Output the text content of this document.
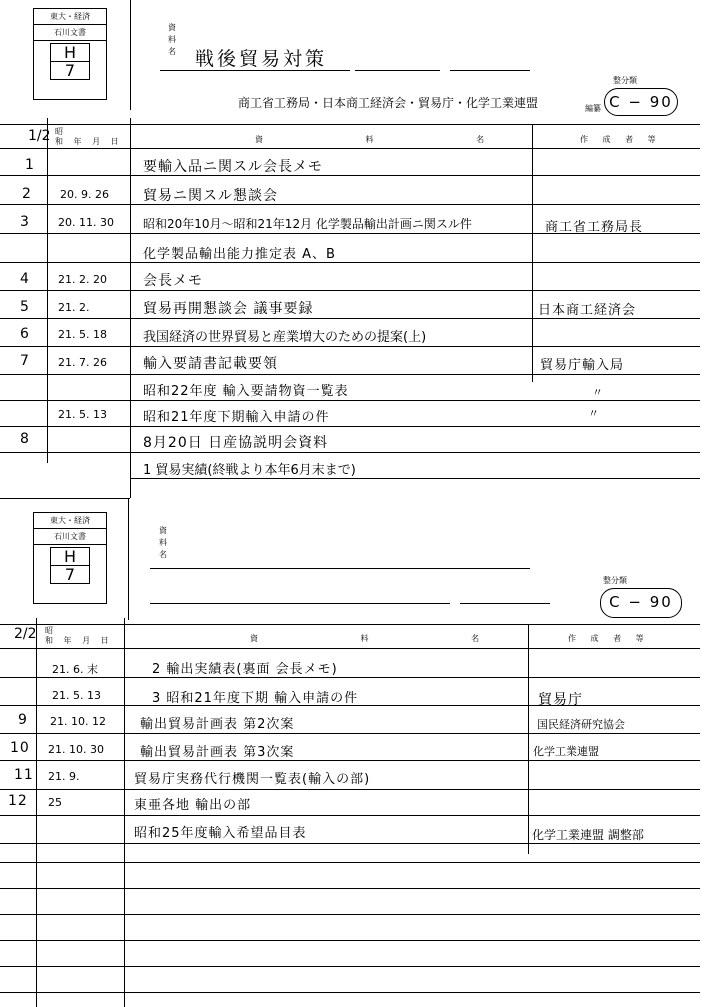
東大・経済
石川文書
H
7
資
料
名 戦後貿易対策
整分類
C − 90
商工省工務局・日本商工経済会・貿易庁・化学工業連盟	編纂
1/2 昭
和 年 月 日	資 料 名	作 成 者 等
1	要輸入品ニ関スル会長メモ
2	20. 9. 26 貿易ニ関スル懇談会
3	20. 11. 30 昭和20年10月〜昭和21年12月 化学製品輸出計画ニ関スル件	商工省工務局長
化学製品輸出能力推定表 A、B
4	21. 2. 20	会長メモ
5	21. 2.	貿易再開懇談会 議事要録	日本商工経済会
6	21. 5. 18	我国経済の世界貿易と産業増大のための提案(上)
7	21. 7. 26	輸入要請書記載要領	貿易庁輸入局
昭和22年度 輸入要請物資一覧表	〃
21. 5. 13	昭和21年度下期輸入申請の件	〃
8	8月20日 日産協説明会資料
1 貿易実績(終戦より本年6月末まで)
東大・経済
石川文書
H
7
資
料
名
整分類
C − 90
2/2 昭
和 年 月 日	資 料 名	作 成 者 等
21. 6. 末	2 輸出実績表(裏面 会長メモ)
21. 5. 13	3 昭和21年度下期 輸入申請の件	貿易庁
9 21. 10. 12	輸出貿易計画表 第2次案	国民経済研究協会
10 21. 10. 30	輸出貿易計画表 第3次案	化学工業連盟
11 21. 9.	貿易庁実務代行機関一覧表(輸入の部)
12 25	東亜各地 輸出の部
昭和25年度輸入希望品目表	化学工業連盟 調整部
